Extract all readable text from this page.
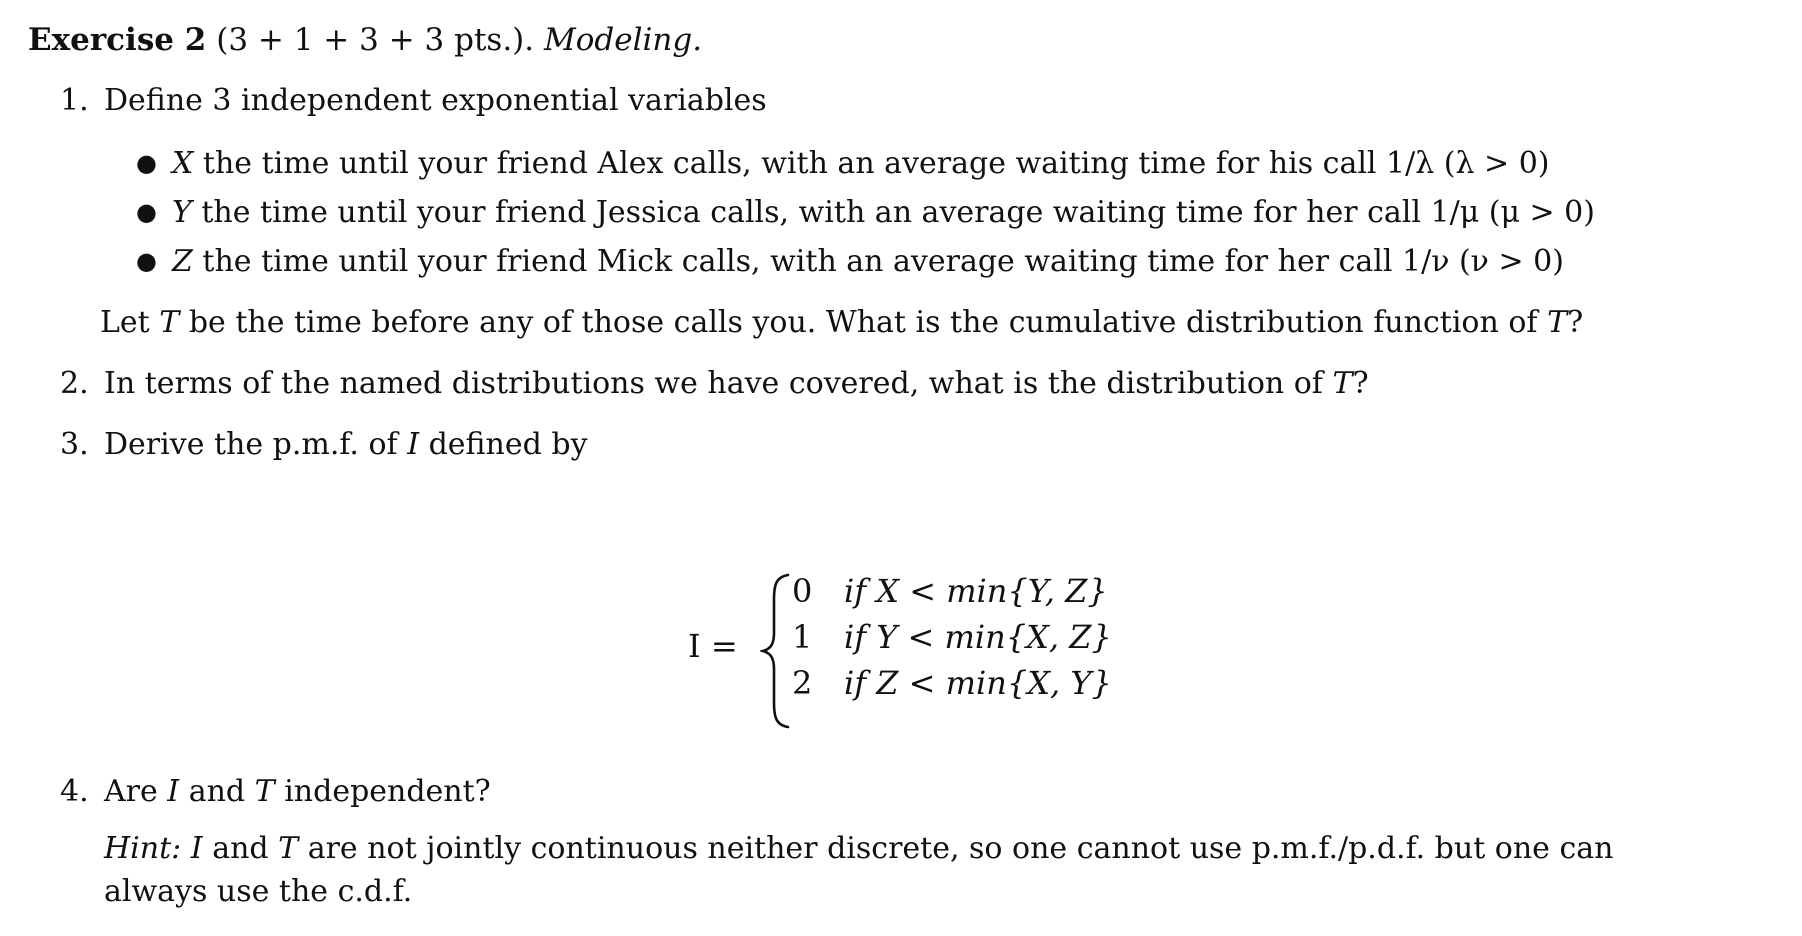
Exercise 2 (3 + 1 + 3 + 3 pts.). Modeling.
1. Define 3 independent exponential variables
● X the time until your friend Alex calls, with an average waiting time for his call 1/λ (λ > 0)
● Y the time until your friend Jessica calls, with an average waiting time for her call 1/μ (μ > 0)
● Z the time until your friend Mick calls, with an average waiting time for her call 1/ν (ν > 0)
Let T be the time before any of those calls you. What is the cumulative distribution function of T?
2. In terms of the named distributions we have covered, what is the distribution of T?
3. Derive the p.m.f. of I defined by
I =
0 if X < min{Y, Z}
1 if Y < min{X, Z}
2 if Z < min{X, Y}
4. Are I and T independent?
Hint: I and T are not jointly continuous neither discrete, so one cannot use p.m.f./p.d.f. but one can
always use the c.d.f.
